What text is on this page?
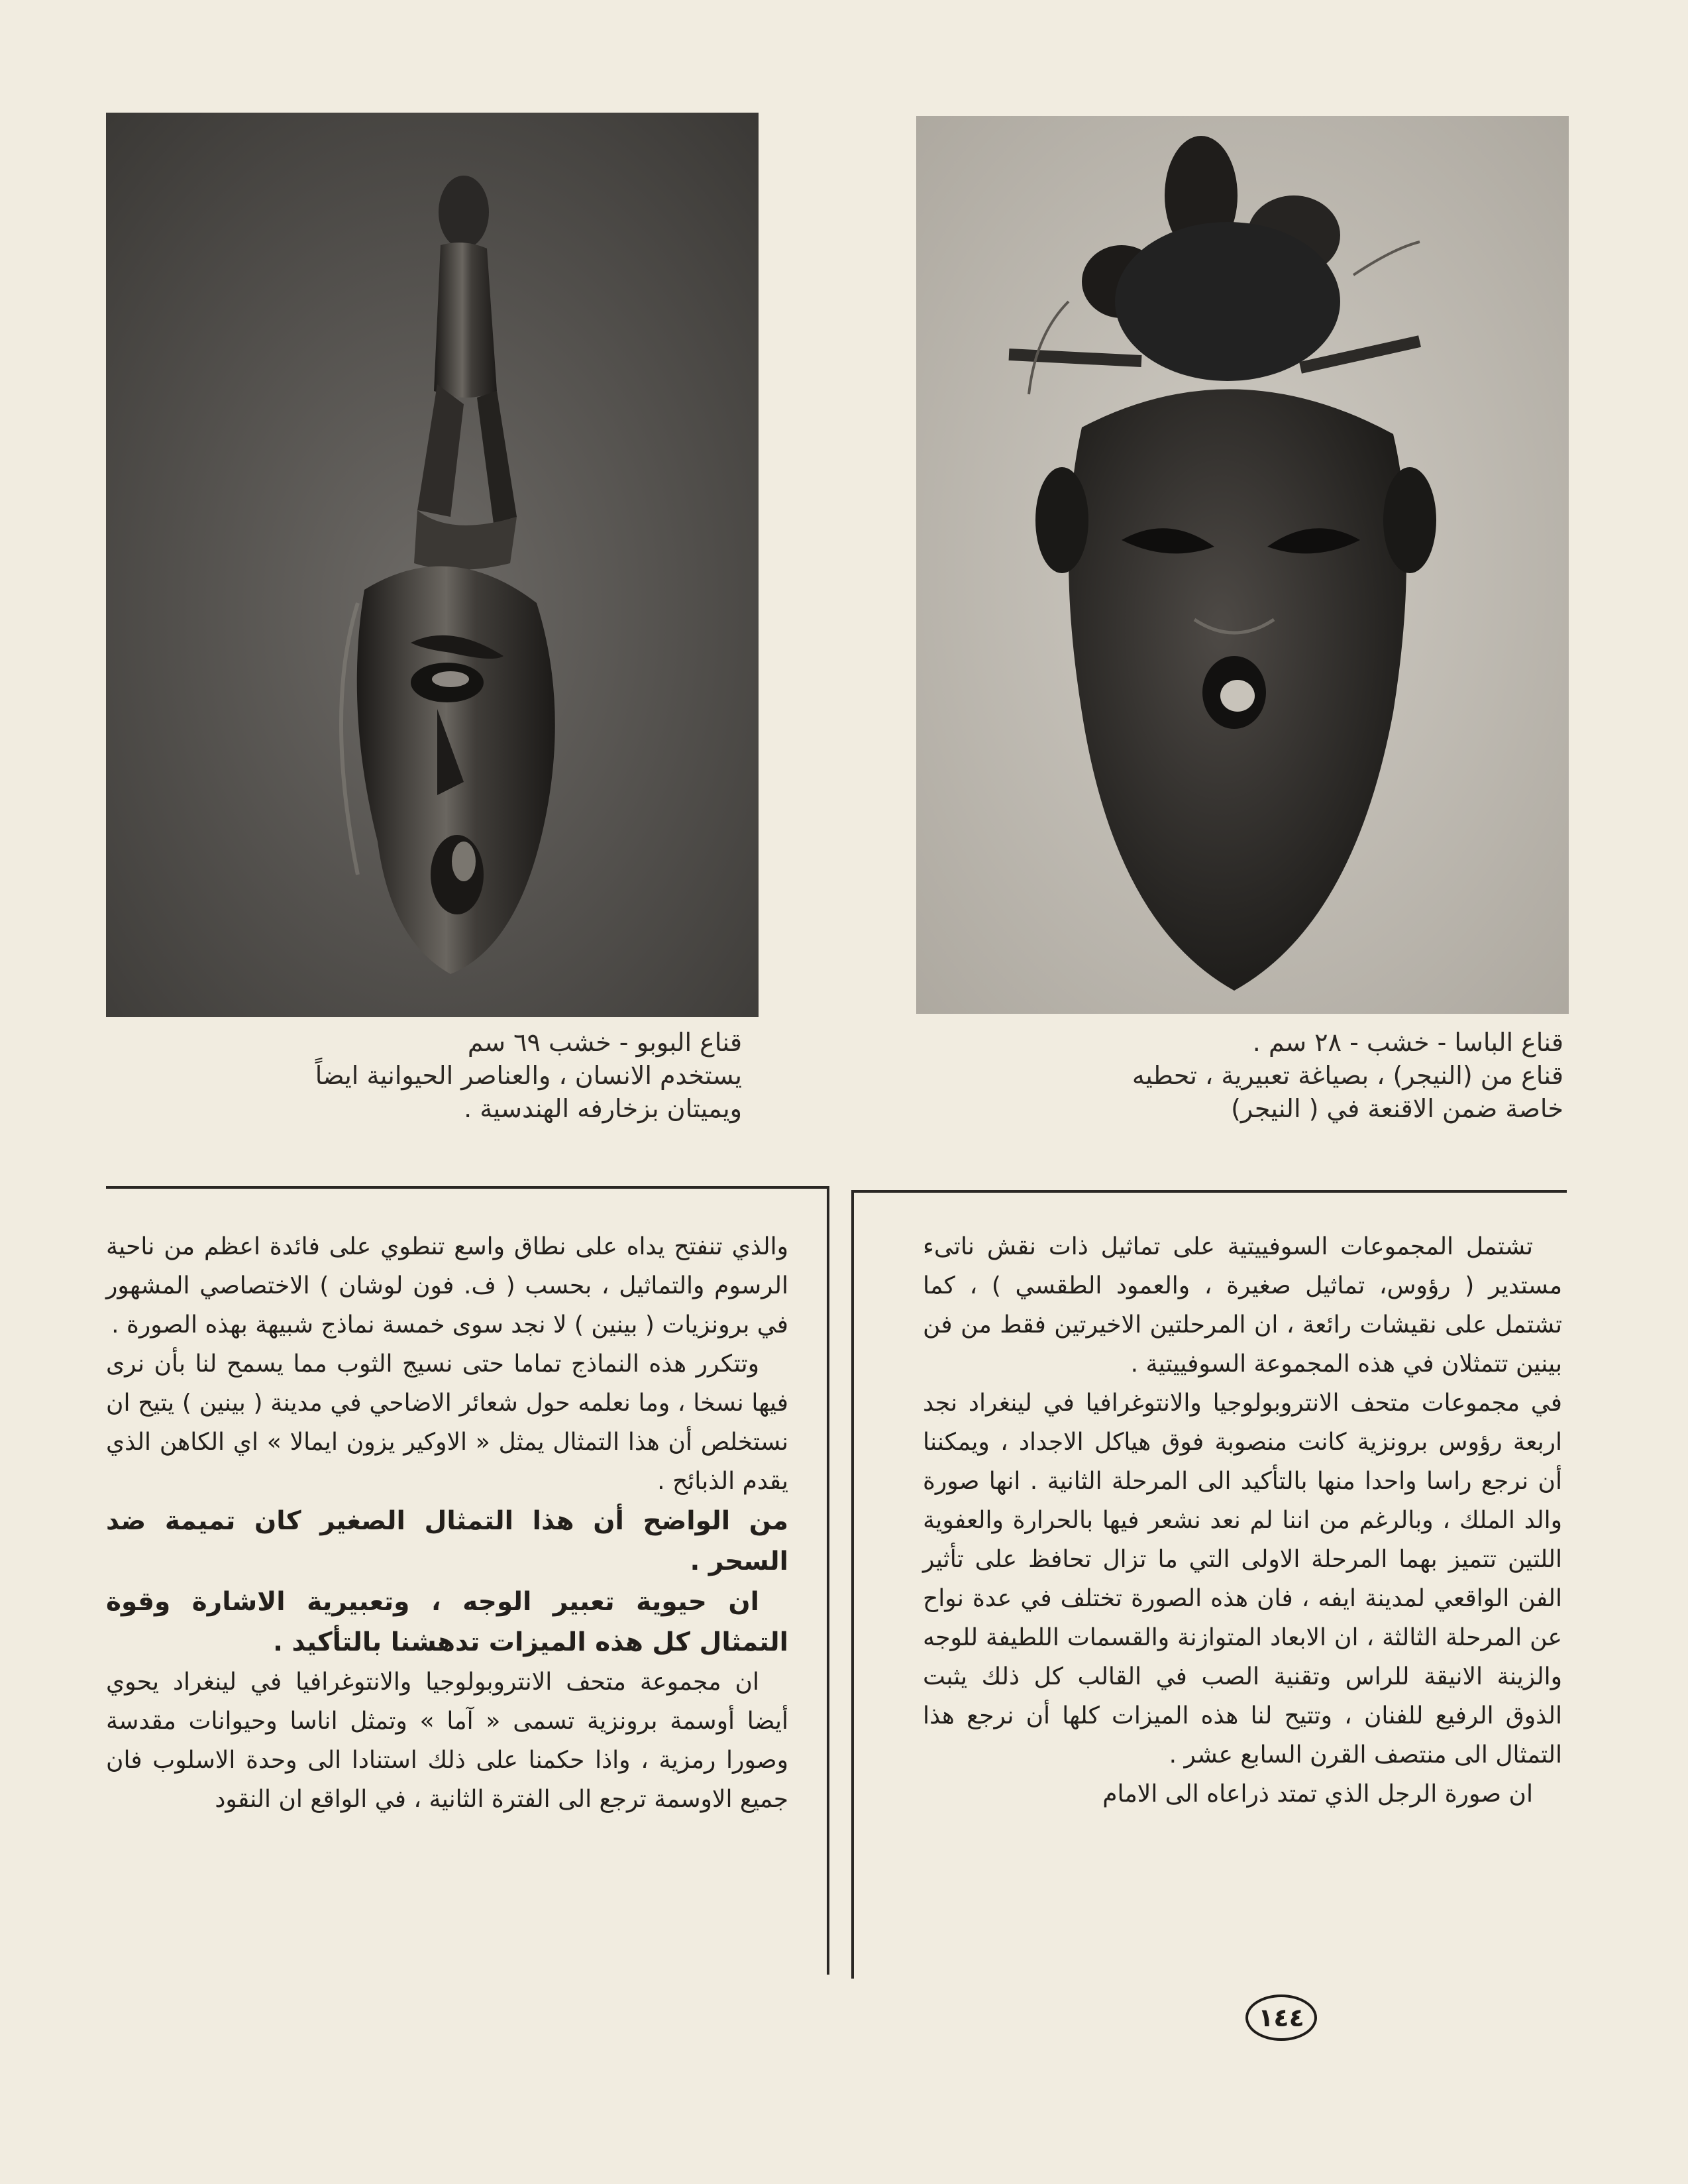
قناع البوبو - خشب ٦٩ سم
يستخدم الانسان ، والعناصر الحيوانية ايضاً
ويميتان بزخارفه الهندسية .
قناع الباسا - خشب - ٢٨ سم .
قناع من (النيجر) ، بصياغة تعبيرية ، تحطيه
خاصة ضمن الاقنعة في ( النيجر)

تشتمل المجموعات السوفييتية على تماثيل ذات نقش ناتىء مستدير ( رؤوس، تماثيل صغيرة ، والعمود الطقسي ) ، كما تشتمل على نقيشات رائعة ، ان المرحلتين الاخيرتين فقط من فن بينين تتمثلان في هذه المجموعة السوفييتية .

في مجموعات متحف الانتروبولوجيا والانتوغرافيا في لينغراد نجد اربعة رؤوس برونزية كانت منصوبة فوق هياكل الاجداد ، ويمكننا أن نرجع راسا واحدا منها بالتأكيد الى المرحلة الثانية . انها صورة والد الملك ، وبالرغم من اننا لم نعد نشعر فيها بالحرارة والعفوية اللتين تتميز بهما المرحلة الاولى التي ما تزال تحافظ على تأثير الفن الواقعي لمدينة ايفه ، فان هذه الصورة تختلف في عدة نواح عن المرحلة الثالثة ، ان الابعاد المتوازنة والقسمات اللطيفة للوجه والزينة الانيقة للراس وتقنية الصب في القالب كل ذلك يثبت الذوق الرفيع للفنان ، وتتيح لنا هذه الميزات كلها أن نرجع هذا التمثال الى منتصف القرن السابع عشر .

ان صورة الرجل الذي تمتد ذراعاه الى الامام

والذي تنفتح يداه على نطاق واسع تنطوي على فائدة اعظم من ناحية الرسوم والتماثيل ، بحسب ( ف. فون لوشان ) الاختصاصي المشهور في برونزيات ( بينين ) لا نجد سوى خمسة نماذج شبيهة بهذه الصورة .

وتتكرر هذه النماذج تماما حتى نسيج الثوب مما يسمح لنا بأن نرى فيها نسخا ، وما نعلمه حول شعائر الاضاحي في مدينة ( بينين ) يتيح ان نستخلص أن هذا التمثال يمثل « الاوكير يزون ايمالا » اي الكاهن الذي يقدم الذبائح .

من الواضح أن هذا التمثال الصغير كان تميمة ضد السحر .

ان حيوية تعبير الوجه ، وتعبيرية الاشارة وقوة التمثال كل هذه الميزات تدهشنا بالتأكيد .

ان مجموعة متحف الانتروبولوجيا والانتوغرافيا في لينغراد يحوي أيضا أوسمة برونزية تسمى « آما » وتمثل اناسا وحيوانات مقدسة وصورا رمزية ، واذا حكمنا على ذلك استنادا الى وحدة الاسلوب فان جميع الاوسمة ترجع الى الفترة الثانية ، في الواقع ان النقود

١٤٤
